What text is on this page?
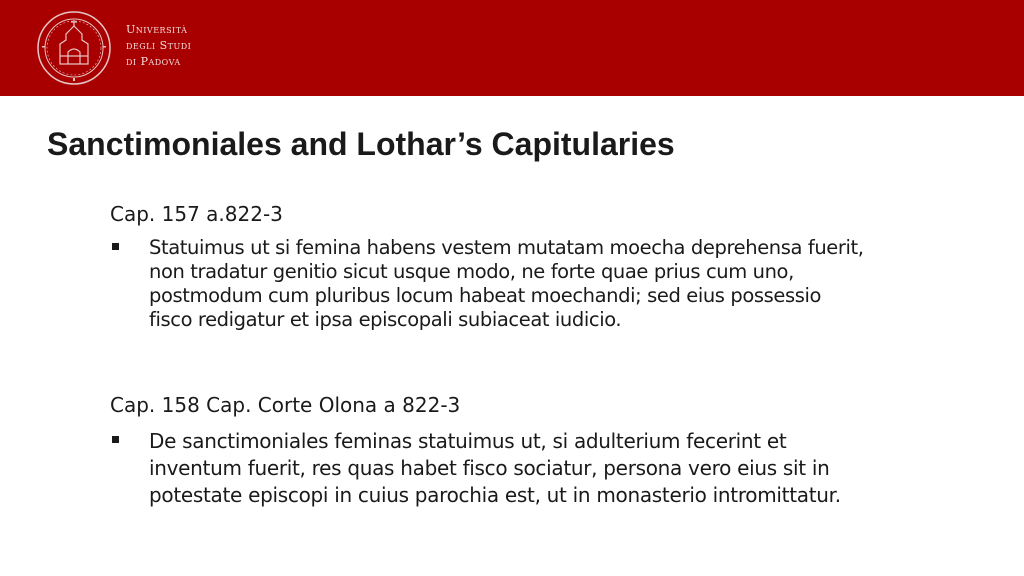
Università
degli Studi
di Padova
Sanctimoniales and Lothar’s Capitularies

Cap. 157 a.822-3

Statuimus ut si femina habens vestem mutatam moecha deprehensa fuerit, non tradatur genitio sicut usque modo, ne forte quae prius cum uno, postmodum cum pluribus locum habeat moechandi; sed eius possessio fisco redigatur et ipsa episcopali subiaceat iudicio.

Cap. 158 Cap. Corte Olona a 822-3

De sanctimoniales feminas statuimus ut, si adulterium fecerint et inventum fuerit, res quas habet fisco sociatur, persona vero eius sit in potestate episcopi in cuius parochia est, ut in monasterio intromittatur.
